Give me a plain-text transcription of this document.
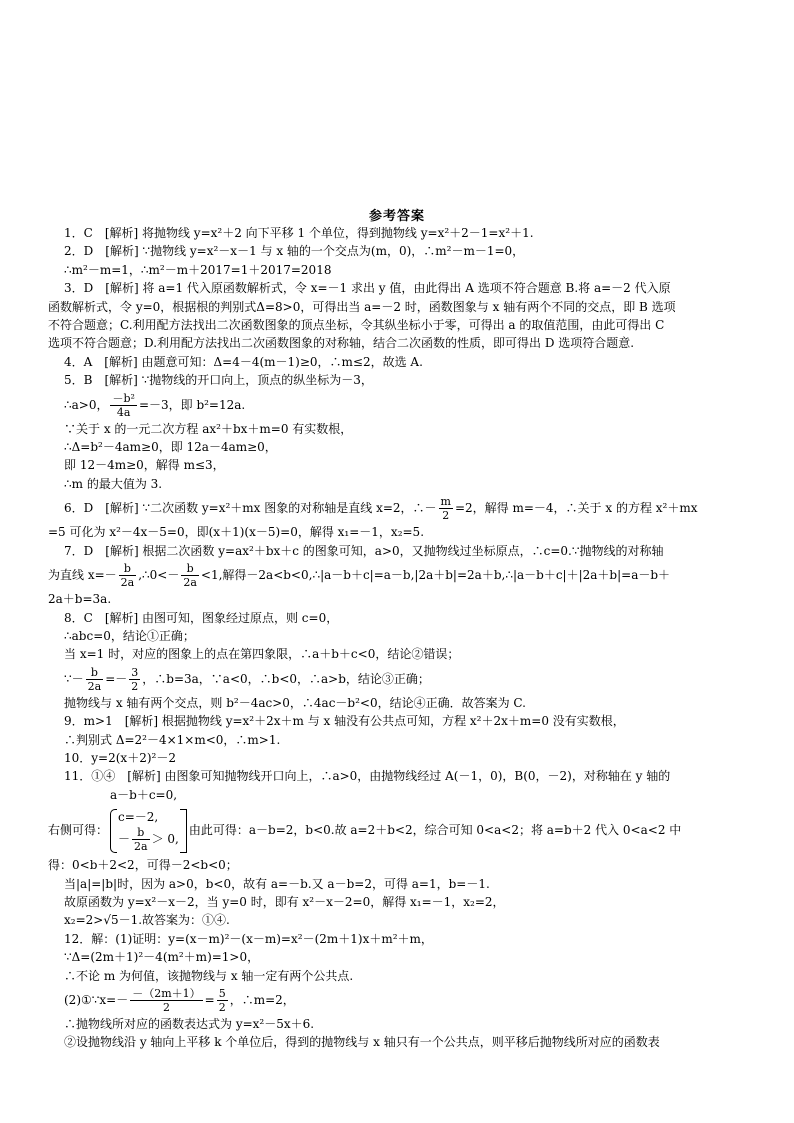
参考答案

1．C　[解析] 将抛物线 y=x²＋2 向下平移 1 个单位，得到抛物线 y=x²＋2－1=x²＋1.

2．D　[解析] ∵抛物线 y=x²－x－1 与 x 轴的一个交点为(m，0)，∴m²－m－1=0，

∴m²－m=1，∴m²－m＋2017=1＋2017=2018

3．D　[解析] 将 a=1 代入原函数解析式，令 x=－1 求出 y 值，由此得出 A 选项不符合题意 B.将 a=－2 代入原

函数解析式，令 y=0，根据根的判别式Δ=8>0，可得出当 a=－2 时，函数图象与 x 轴有两个不同的交点，即 B 选项

不符合题意；C.利用配方法找出二次函数图象的顶点坐标，令其纵坐标小于零，可得出 a 的取值范围，由此可得出 C

选项不符合题意；D.利用配方法找出二次函数图象的对称轴，结合二次函数的性质，即可得出 D 选项符合题意.

4．A　[解析] 由题意可知：Δ=4－4(m－1)≥0，∴m≤2，故选 A.

5．B　[解析] ∵抛物线的开口向上，顶点的纵坐标为－3，

∴a>0， $\frac{\text{－b²}}{4a} =-3$，即 b²=12a.

∵关于 x 的一元二次方程 ax²＋bx＋m=0 有实数根，

∴Δ=b²－4am≥0，即 12a－4am≥0，

即 12－4m≥0，解得 m≤3，

∴m 的最大值为 3.

6．D　[解析] ∵二次函数 y=x²＋mx 图象的对称轴是直线 x=2，∴－ $\frac{m}{2} =2$，解得 m=－4，∴关于 x 的方程 x²＋mx

=5 可化为 x²－4x－5=0，即(x＋1)(x－5)=0，解得 x₁=－1，x₂=5.

7．D　[解析] 根据二次函数 y=ax²＋bx＋c 的图象可知，a>0，又抛物线过坐标原点，∴c=0.∵抛物线的对称轴

为直线 $x=- \frac{b}{2a}$ ,∴0<－ $\frac{b}{2a} <1$,解得－2a<b<0,∴|a－b＋c|=a－b,|2a＋b|=2a＋b,∴|a－b＋c|＋|2a＋b|=a－b＋

2a＋b=3a.

8．C　[解析] 由图可知，图象经过原点，则 c=0，

∴abc=0，结论①正确；

当 x=1 时，对应的图象上的点在第四象限，∴a＋b＋c<0，结论②错误；

∵－ $\frac{b}{2a} =- \frac{3}{2}$ ，∴b=3a，∵a<0，∴b<0，∴a>b，结论③正确；

抛物线与 x 轴有两个交点，则 b²－4ac>0，∴4ac－b²<0，结论④正确．故答案为 C.

9．m>1　[解析] 根据抛物线 y=x²＋2x＋m 与 x 轴没有公共点可知，方程 x²＋2x＋m=0 没有实数根，

∴判别式 Δ=2²－4×1×m<0，∴m>1.

10．y=2(x＋2)²－2

11．①④　[解析] 由图象可知抛物线开口向上，∴a>0，由抛物线经过 A(－1，0)，B(0，－2)，对称轴在 y 轴的

a－b＋c=0,

右侧可得：
c=－2,
－ $\frac{b}{2a} > 0$,
由此可得：a－b=2，b<0.故 a=2＋b<2，综合可知 0<a<2；将 a=b＋2 代入 0<a<2 中

得：0<b＋2<2，可得－2<b<0；

当|a|=|b|时，因为 a>0，b<0，故有 a=－b.又 a－b=2，可得 a=1，b=－1.

故原函数为 y=x²－x－2，当 y=0 时，即有 x²－x－2=0，解得 x₁=－1，x₂=2，

x₂=2>√5－1.故答案为：①④.

12．解：(1)证明：y=(x－m)²－(x－m)=x²－(2m＋1)x＋m²＋m，

∵Δ=(2m＋1)²－4(m²＋m)=1>0，

∴不论 m 为何值，该抛物线与 x 轴一定有两个公共点.

(2)①∵x=－ $\frac{-(2m+1)}{2} = \frac{5}{2}$ ，∴m=2，

∴抛物线所对应的函数表达式为 y=x²－5x＋6.

②设抛物线沿 y 轴向上平移 k 个单位后，得到的抛物线与 x 轴只有一个公共点，则平移后抛物线所对应的函数表
